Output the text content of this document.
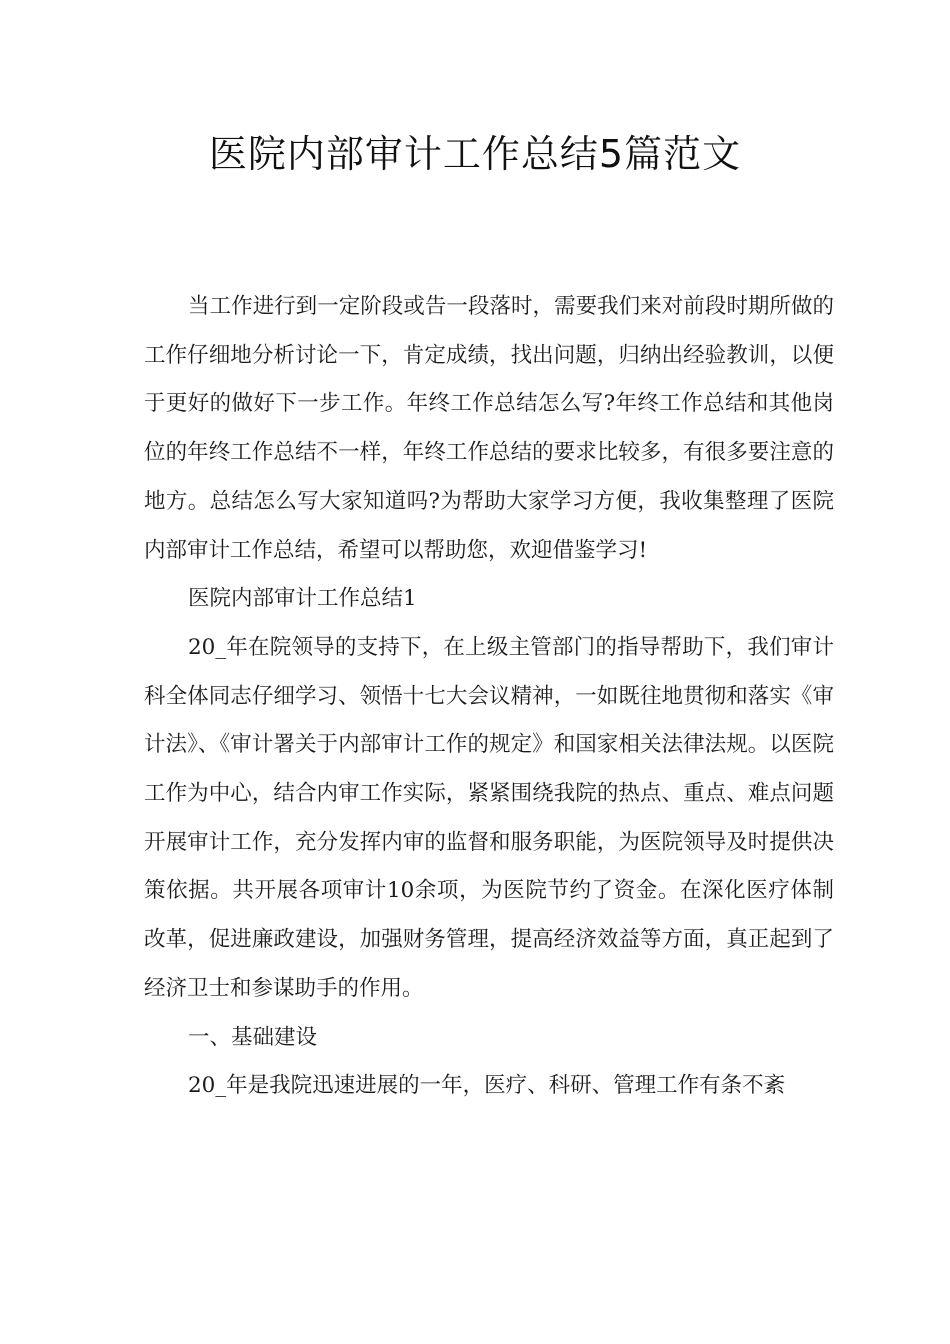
医院内部审计工作总结5篇范文

当工作进行到一定阶段或告一段落时，需要我们来对前段时期所做的工作仔细地分析讨论一下，肯定成绩，找出问题，归纳出经验教训，以便于更好的做好下一步工作。年终工作总结怎么写?年终工作总结和其他岗位的年终工作总结不一样，年终工作总结的要求比较多，有很多要注意的地方。总结怎么写大家知道吗?为帮助大家学习方便，我收集整理了医院内部审计工作总结，希望可以帮助您，欢迎借鉴学习!

医院内部审计工作总结1

20_年在院领导的支持下，在上级主管部门的指导帮助下，我们审计科全体同志仔细学习、领悟十七大会议精神，一如既往地贯彻和落实《审计法》、《审计署关于内部审计工作的规定》和国家相关法律法规。以医院工作为中心，结合内审工作实际，紧紧围绕我院的热点、重点、难点问题开展审计工作，充分发挥内审的监督和服务职能，为医院领导及时提供决策依据。共开展各项审计10余项，为医院节约了资金。在深化医疗体制改革，促进廉政建设，加强财务管理，提高经济效益等方面，真正起到了经济卫士和参谋助手的作用。

一、基础建设

20_年是我院迅速进展的一年，医疗、科研、管理工作有条不紊
